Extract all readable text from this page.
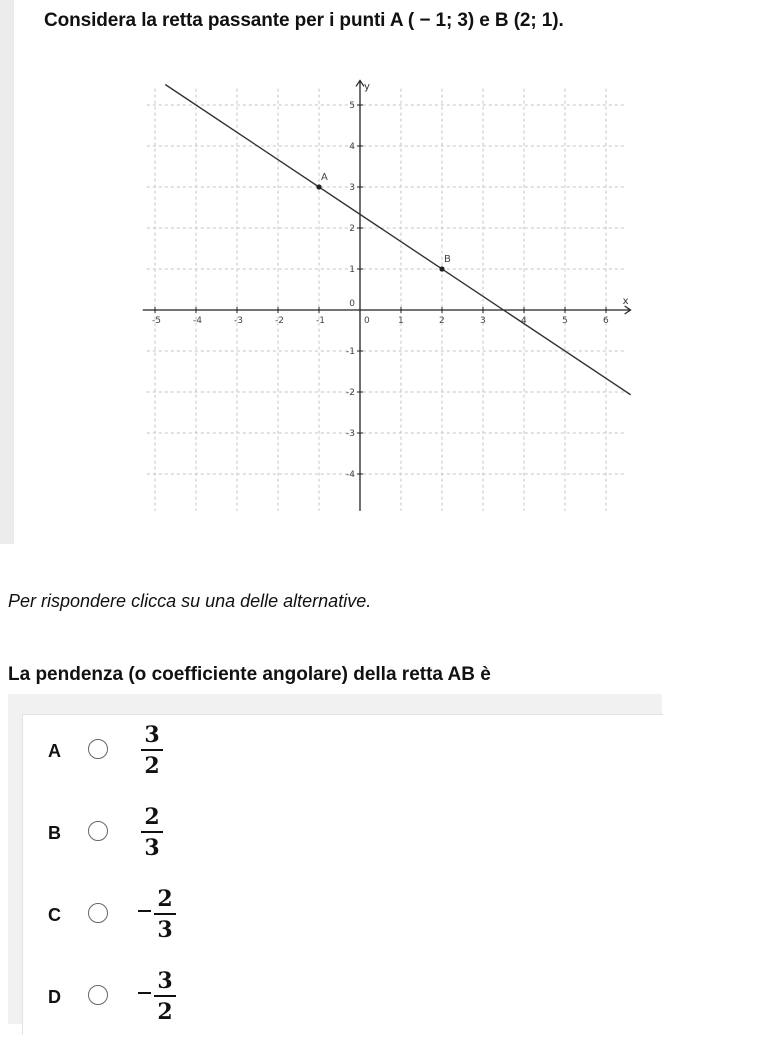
Considera la retta passante per i punti A ( − 1; 3) e B (2; 1).

x
y
-5	-4	-3	-2	-1	0	1	2	3	4	5	6
5
4
3
2
1
0
-1
-2
-3
-4
A
B

Per rispondere clicca su una delle alternative.

La pendenza (o coefficiente angolare) della retta AB è

A
3
2
B
2
3
C
2
3
D
3
2
